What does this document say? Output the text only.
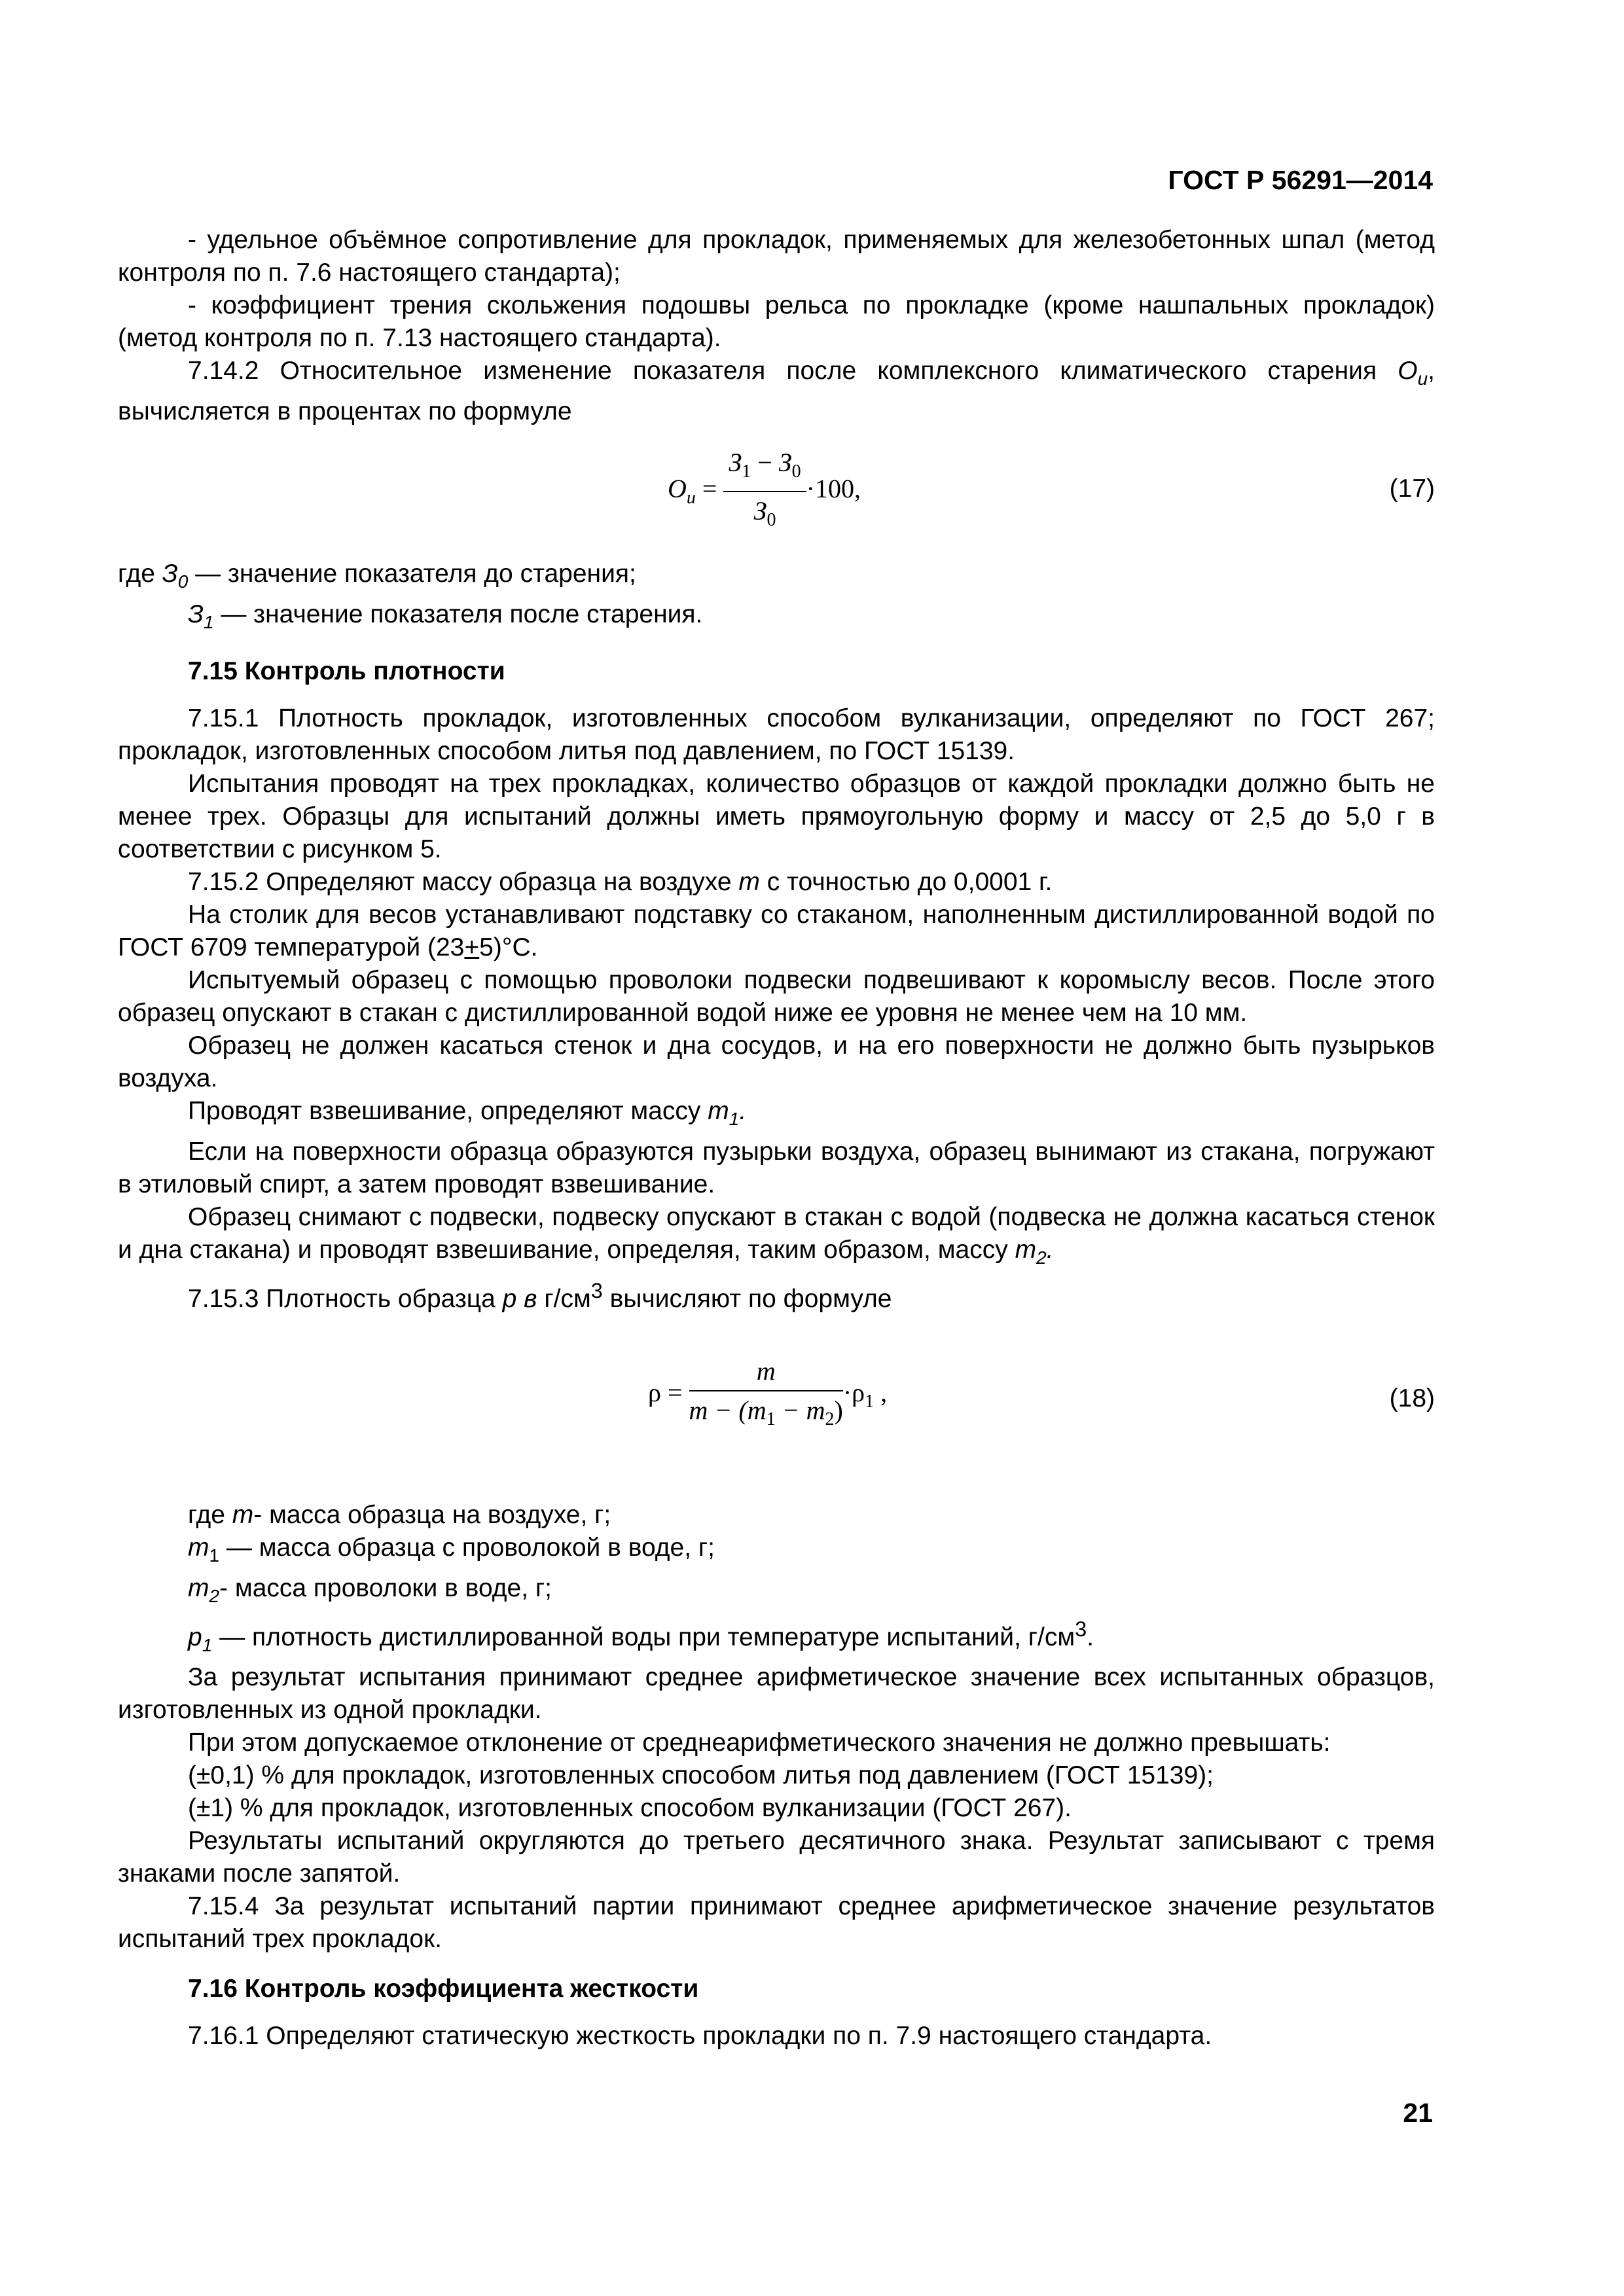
ГОСТ Р 56291—2014

- удельное объёмное сопротивление для прокладок, применяемых для железобетонных шпал (метод контроля по п. 7.6 настоящего стандарта);

- коэффициент трения скольжения подошвы рельса по прокладке (кроме нашпальных прокладок) (метод контроля по п. 7.13 настоящего стандарта).

7.14.2 Относительное изменение показателя после комплексного климатического старения $O_u$, вычисляется в процентах по формуле

$O_u = \frac{З_1 - З_0}{З_0} \cdot 100$,	(17)

где $З_0$ — значение показателя до старения;

$З_1$ — значение показателя после старения.

7.15 Контроль плотности

7.15.1 Плотность прокладок, изготовленных способом вулканизации, определяют по ГОСТ 267; прокладок, изготовленных способом литья под давлением, по ГОСТ 15139.

Испытания проводят на трех прокладках, количество образцов от каждой прокладки должно быть не менее трех. Образцы для испытаний должны иметь прямоугольную форму и массу от 2,5 до 5,0 г в соответствии с рисунком 5.

7.15.2 Определяют массу образца на воздухе m с точностью до 0,0001 г.

На столик для весов устанавливают подставку со стаканом, наполненным дистиллированной водой по ГОСТ 6709 температурой (23+5)°С.

Испытуемый образец с помощью проволоки подвески подвешивают к коромыслу весов. После этого образец опускают в стакан с дистиллированной водой ниже ее уровня не менее чем на 10 мм.

Образец не должен касаться стенок и дна сосудов, и на его поверхности не должно быть пузырьков воздуха.

Проводят взвешивание, определяют массу $m_1$.

Если на поверхности образца образуются пузырьки воздуха, образец вынимают из стакана, погружают в этиловый спирт, а затем проводят взвешивание.

Образец снимают с подвески, подвеску опускают в стакан с водой (подвеска не должна касаться стенок и дна стакана) и проводят взвешивание, определяя, таким образом, массу $m_2$.

7.15.3 Плотность образца р в $г/см^3$ вычисляют по формуле

$\rho = \frac{m}{m - (m_1 - m_2)} \cdot\rho_1$ ,	(18)

где m- масса образца на воздухе, г;

$m_1$ — масса образца с проволокой в воде, г;

$m_2-$ масса проволоки в воде, г;

$p_1$ — плотность дистиллированной воды при температуре испытаний, $г/см^3$.

За результат испытания принимают среднее арифметическое значение всех испытанных образцов, изготовленных из одной прокладки.

При этом допускаемое отклонение от среднеарифметического значения не должно превышать:

(±0,1) % для прокладок, изготовленных способом литья под давлением (ГОСТ 15139);

(±1) % для прокладок, изготовленных способом вулканизации (ГОСТ 267).

Результаты испытаний округляются до третьего десятичного знака. Результат записывают с тремя знаками после запятой.

7.15.4 За результат испытаний партии принимают среднее арифметическое значение результатов испытаний трех прокладок.

7.16 Контроль коэффициента жесткости

7.16.1 Определяют статическую жесткость прокладки по п. 7.9 настоящего стандарта.

21
